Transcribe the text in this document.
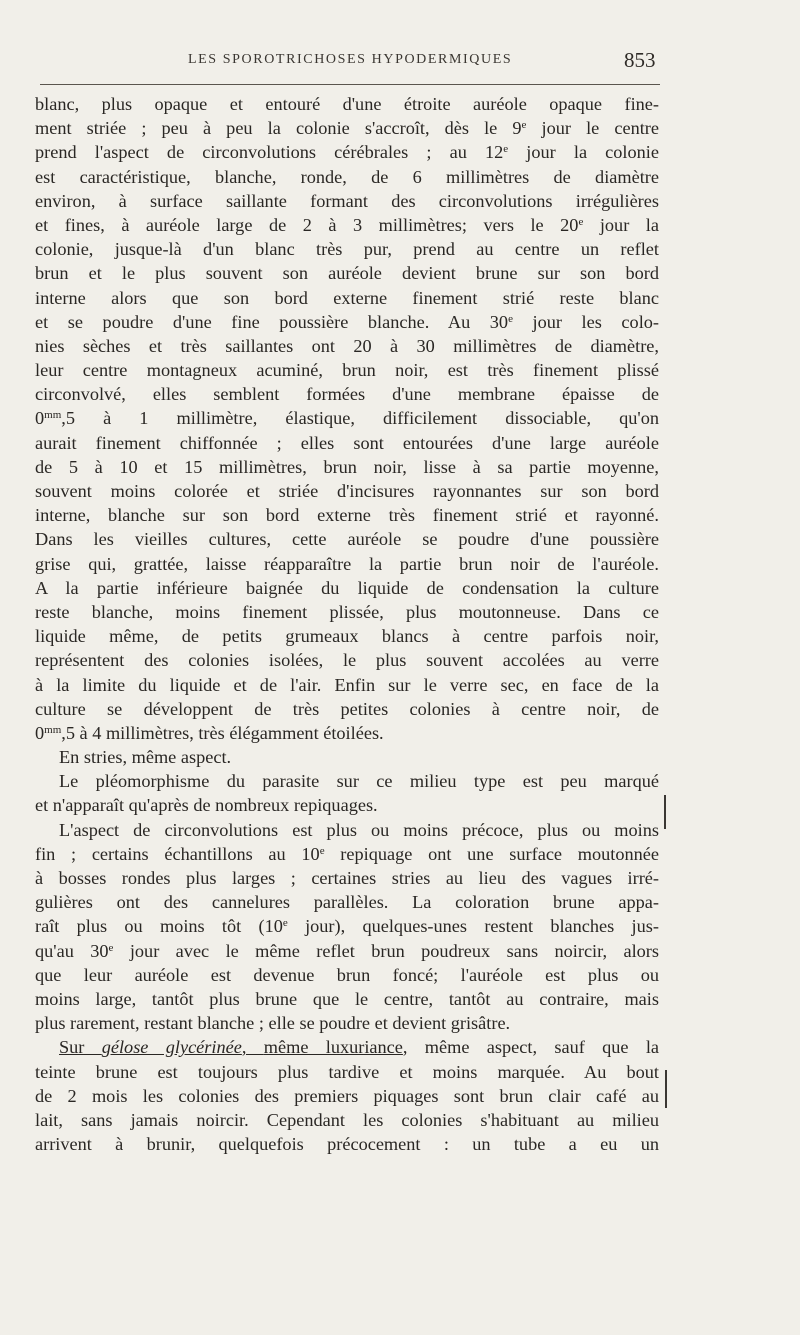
LES SPOROTRICHOSES HYPODERMIQUES	853
blanc, plus opaque et entouré d'une étroite auréole opaque fine-
ment striée ; peu à peu la colonie s'accroît, dès le 9e jour le centre
prend l'aspect de circonvolutions cérébrales ; au 12e jour la colonie
est caractéristique, blanche, ronde, de 6 millimètres de diamètre
environ, à surface saillante formant des circonvolutions irrégulières
et fines, à auréole large de 2 à 3 millimètres; vers le 20e jour la
colonie, jusque-là d'un blanc très pur, prend au centre un reflet
brun et le plus souvent son auréole devient brune sur son bord
interne alors que son bord externe finement strié reste blanc
et se poudre d'une fine poussière blanche. Au 30e jour les colo-
nies sèches et très saillantes ont 20 à 30 millimètres de diamètre,
leur centre montagneux acuminé, brun noir, est très finement plissé
circonvolvé, elles semblent formées d'une membrane épaisse de
$0^{mm},5$ à 1 millimètre, élastique, difficilement dissociable, qu'on
aurait finement chiffonnée ; elles sont entourées d'une large auréole
de 5 à 10 et 15 millimètres, brun noir, lisse à sa partie moyenne,
souvent moins colorée et striée d'incisures rayonnantes sur son bord
interne, blanche sur son bord externe très finement strié et rayonné.
Dans les vieilles cultures, cette auréole se poudre d'une poussière
grise qui, grattée, laisse réapparaître la partie brun noir de l'auréole.
A la partie inférieure baignée du liquide de condensation la culture
reste blanche, moins finement plissée, plus moutonneuse. Dans ce
liquide même, de petits grumeaux blancs à centre parfois noir,
représentent des colonies isolées, le plus souvent accolées au verre
à la limite du liquide et de l'air. Enfin sur le verre sec, en face de la
culture se développent de très petites colonies à centre noir, de
$0^{mm},5$ à 4 millimètres, très élégamment étoilées.
En stries, même aspect.
Le pléomorphisme du parasite sur ce milieu type est peu marqué
et n'apparaît qu'après de nombreux repiquages.
L'aspect de circonvolutions est plus ou moins précoce, plus ou moins
fin ; certains échantillons au 10e repiquage ont une surface moutonnée
à bosses rondes plus larges ; certaines stries au lieu des vagues irré-
gulières ont des cannelures parallèles. La coloration brune appa-
raît plus ou moins tôt (10e jour), quelques-unes restent blanches jus-
qu'au 30e jour avec le même reflet brun poudreux sans noircir, alors
que leur auréole est devenue brun foncé; l'auréole est plus ou
moins large, tantôt plus brune que le centre, tantôt au contraire, mais
plus rarement, restant blanche ; elle se poudre et devient grisâtre.
Sur gélose glycérinée, même luxuriance, même aspect, sauf que la
teinte brune est toujours plus tardive et moins marquée. Au bout
de 2 mois les colonies des premiers piquages sont brun clair café au
lait, sans jamais noircir. Cependant les colonies s'habituant au milieu
arrivent à brunir, quelquefois précocement : un tube a eu un
